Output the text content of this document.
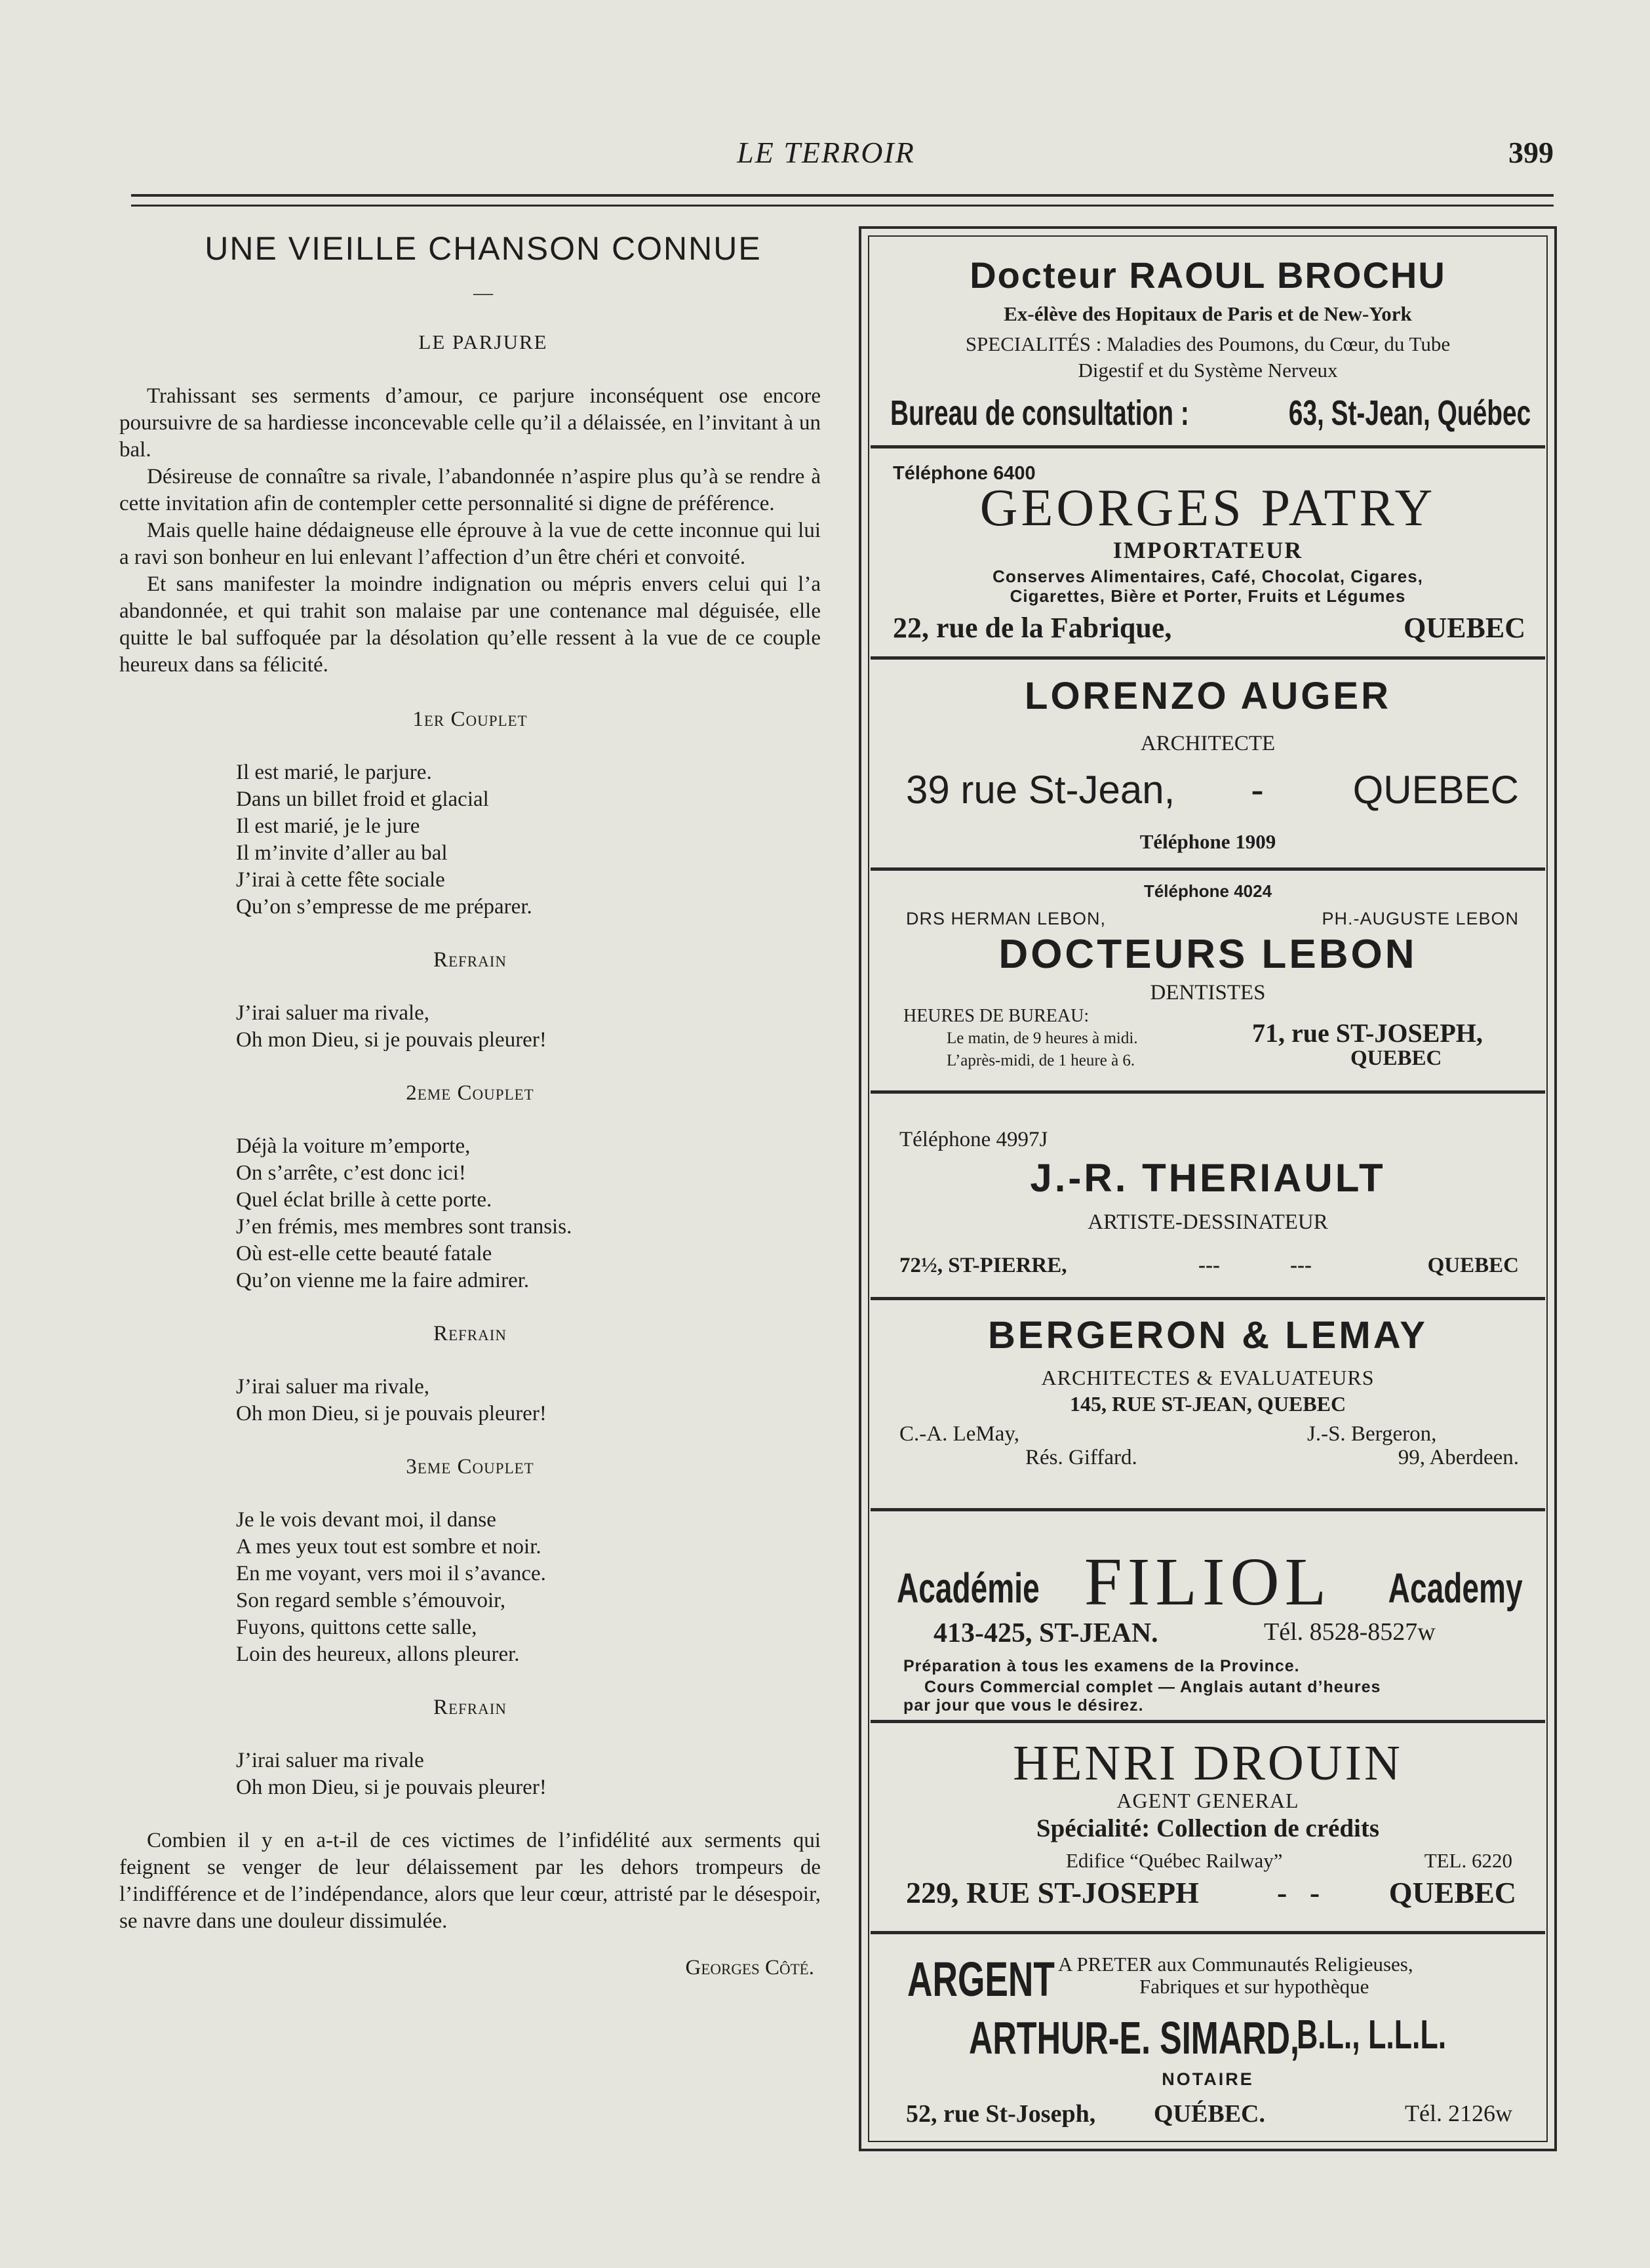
LE TERROIR	399
UNE VIEILLE CHANSON CONNUE
—
LE PARJURE

Trahissant ses serments d’amour, ce parjure inconséquent ose encore poursuivre de sa hardiesse inconcevable celle qu’il a délaissée, en l’invitant à un bal.

Désireuse de connaître sa rivale, l’abandonnée n’aspire plus qu’à se rendre à cette invitation afin de contempler cette personnalité si digne de préférence.

Mais quelle haine dédaigneuse elle éprouve à la vue de cette inconnue qui lui a ravi son bonheur en lui enlevant l’affection d’un être chéri et convoité.

Et sans manifester la moindre indignation ou mépris envers celui qui l’a abandonnée, et qui trahit son malaise par une contenance mal déguisée, elle quitte le bal suffoquée par la désolation qu’elle ressent à la vue de ce couple heureux dans sa félicité.

1er Couplet
Il est marié, le parjure.
Dans un billet froid et glacial
Il est marié, je le jure
Il m’invite d’aller au bal
J’irai à cette fête sociale
Qu’on s’empresse de me préparer.
Refrain
J’irai saluer ma rivale,
Oh mon Dieu, si je pouvais pleurer!
2eme Couplet
Déjà la voiture m’emporte,
On s’arrête, c’est donc ici!
Quel éclat brille à cette porte.
J’en frémis, mes membres sont transis.
Où est-elle cette beauté fatale
Qu’on vienne me la faire admirer.
Refrain
J’irai saluer ma rivale,
Oh mon Dieu, si je pouvais pleurer!
3eme Couplet
Je le vois devant moi, il danse
A mes yeux tout est sombre et noir.
En me voyant, vers moi il s’avance.
Son regard semble s’émouvoir,
Fuyons, quittons cette salle,
Loin des heureux, allons pleurer.
Refrain
J’irai saluer ma rivale
Oh mon Dieu, si je pouvais pleurer!

Combien il y en a-t-il de ces victimes de l’infidélité aux serments qui feignent se venger de leur délaissement par les dehors trompeurs de l’indifférence et de l’indépendance, alors que leur cœur, attristé par le désespoir, se navre dans une douleur dissimulée.

Georges Côté.
Docteur RAOUL BROCHU
Ex-élève des Hopitaux de Paris et de New-York
SPECIALITÉS : Maladies des Poumons, du Cœur, du Tube
Digestif et du Système Nerveux
Bureau de consultation :	63, St-Jean, Québec
Téléphone 6400
GEORGES PATRY
IMPORTATEUR
Conserves Alimentaires, Café, Chocolat, Cigares,
Cigarettes, Bière et Porter, Fruits et Légumes
22, rue de la Fabrique,	QUEBEC
LORENZO AUGER
ARCHITECTE
39 rue St-Jean, - QUEBEC
Téléphone 1909
Téléphone 4024
DRS HERMAN LEBON,	PH.-AUGUSTE LEBON
DOCTEURS LEBON
DENTISTES
HEURES DE BUREAU:
Le matin, de 9 heures à midi.
L’après-midi, de 1 heure à 6.
71, rue ST-JOSEPH,
QUEBEC
Téléphone 4997J
J.-R. THERIAULT
ARTISTE-DESSINATEUR
72½, ST-PIERRE,	---	---	QUEBEC
BERGERON & LEMAY
ARCHITECTES & EVALUATEURS
145, RUE ST-JEAN, QUEBEC
C.-A. LeMay,
Rés. Giffard.
J.-S. Bergeron,
99, Aberdeen.
Académie FILIOL	Academy
413-425, ST-JEAN.	Tél. 8528-8527w
Préparation à tous les examens de la Province.
Cours Commercial complet — Anglais autant d’heures
par jour que vous le désirez.
HENRI DROUIN
AGENT GENERAL
Spécialité: Collection de crédits
Edifice “Québec Railway”	TEL. 6220
229, RUE ST-JOSEPH	-   - QUEBEC
ARGENT A PRETER aux Communautés Religieuses,
Fabriques et sur hypothèque
ARTHUR-E. SIMARD,
B.L., L.L.L.
NOTAIRE
52, rue St-Joseph, QUÉBEC.	Tél. 2126w
